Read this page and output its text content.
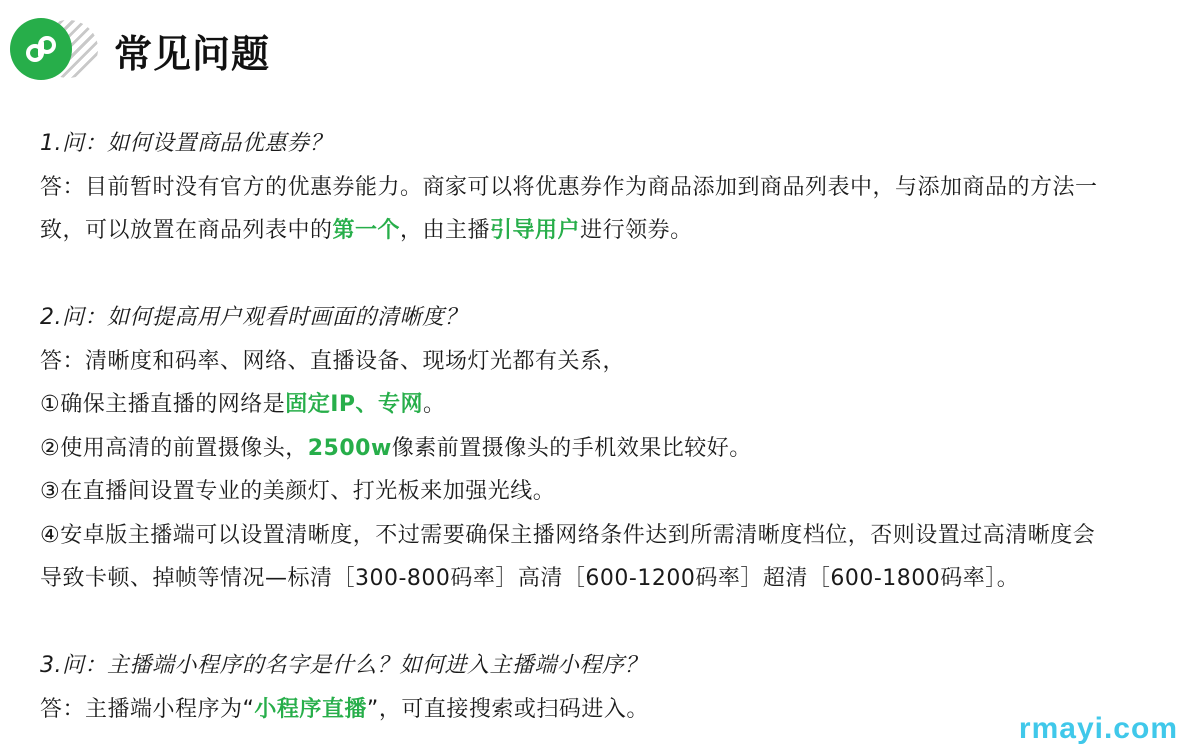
常见问题
1.问：如何设置商品优惠券？
答：目前暂时没有官方的优惠券能力。商家可以将优惠券作为商品添加到商品列表中，与添加商品的方法一
致，可以放置在商品列表中的第一个，由主播引导用户进行领券。
2.问：如何提高用户观看时画面的清晰度？
答：清晰度和码率、网络、直播设备、现场灯光都有关系，
①确保主播直播的网络是固定IP、专网。
②使用高清的前置摄像头，2500w像素前置摄像头的手机效果比较好。
③在直播间设置专业的美颜灯、打光板来加强光线。
④安卓版主播端可以设置清晰度，不过需要确保主播网络条件达到所需清晰度档位，否则设置过高清晰度会
导致卡顿、掉帧等情况—标清［300-800码率］高清［600-1200码率］超清［600-1800码率］。
3.问：主播端小程序的名字是什么？如何进入主播端小程序？
答：主播端小程序为“小程序直播”，可直接搜索或扫码进入。
rmayi.com
